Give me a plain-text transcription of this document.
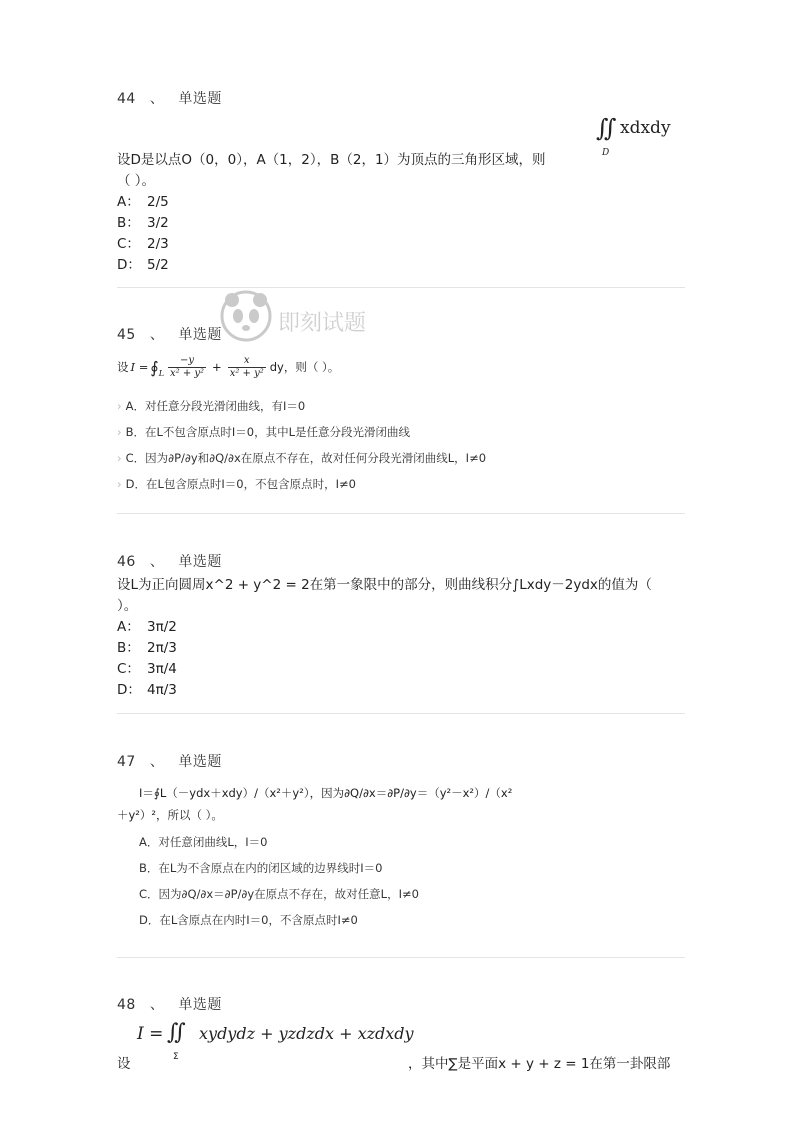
44 、 单选题
∬
D
xdxdy
设D是以点O（0，0），A（1，2），B（2，1）为顶点的三角形区域，则
（ ）。
A： 2/5
B： 3/2
C： 2/3
D： 5/2
即刻试题
45 、 单选题
设 I = ∮ L $\frac{-y}{\text{x² + y²}} + \frac{x}{\text{x² + y²}}$ dy，则（ ）。
› A．对任意分段光滑闭曲线，有I＝0
› B．在L不包含原点时I＝0，其中L是任意分段光滑闭曲线
› C．因为∂P/∂y和∂Q/∂x在原点不存在，故对任何分段光滑闭曲线L，I≠0
› D．在L包含原点时I＝0，不包含原点时，I≠0
46 、 单选题
设L为正向圆周x^2 + y^2 = 2在第一象限中的部分，则曲线积分∫Lxdy－2ydx的值为（
）。
A： 3π/2
B： 2π/3
C： 3π/4
D： 4π/3
47 、 单选题
I＝∮L（－ydx＋xdy）/（x²＋y²），因为∂Q/∂x＝∂P/∂y＝（y²－x²）/（x²
＋y²）²，所以（ ）。
A．对任意闭曲线L，I＝0
B．在L为不含原点在内的闭区域的边界线时I＝0
C．因为∂Q/∂x＝∂P/∂y在原点不存在，故对任意L，I≠0
D．在L含原点在内时I＝0，不含原点时I≠0
48 、 单选题
I = ∬
Σ
xydydz + yzdzdx + xzdxdy
设	，其中∑是平面x + y + z = 1在第一卦限部
